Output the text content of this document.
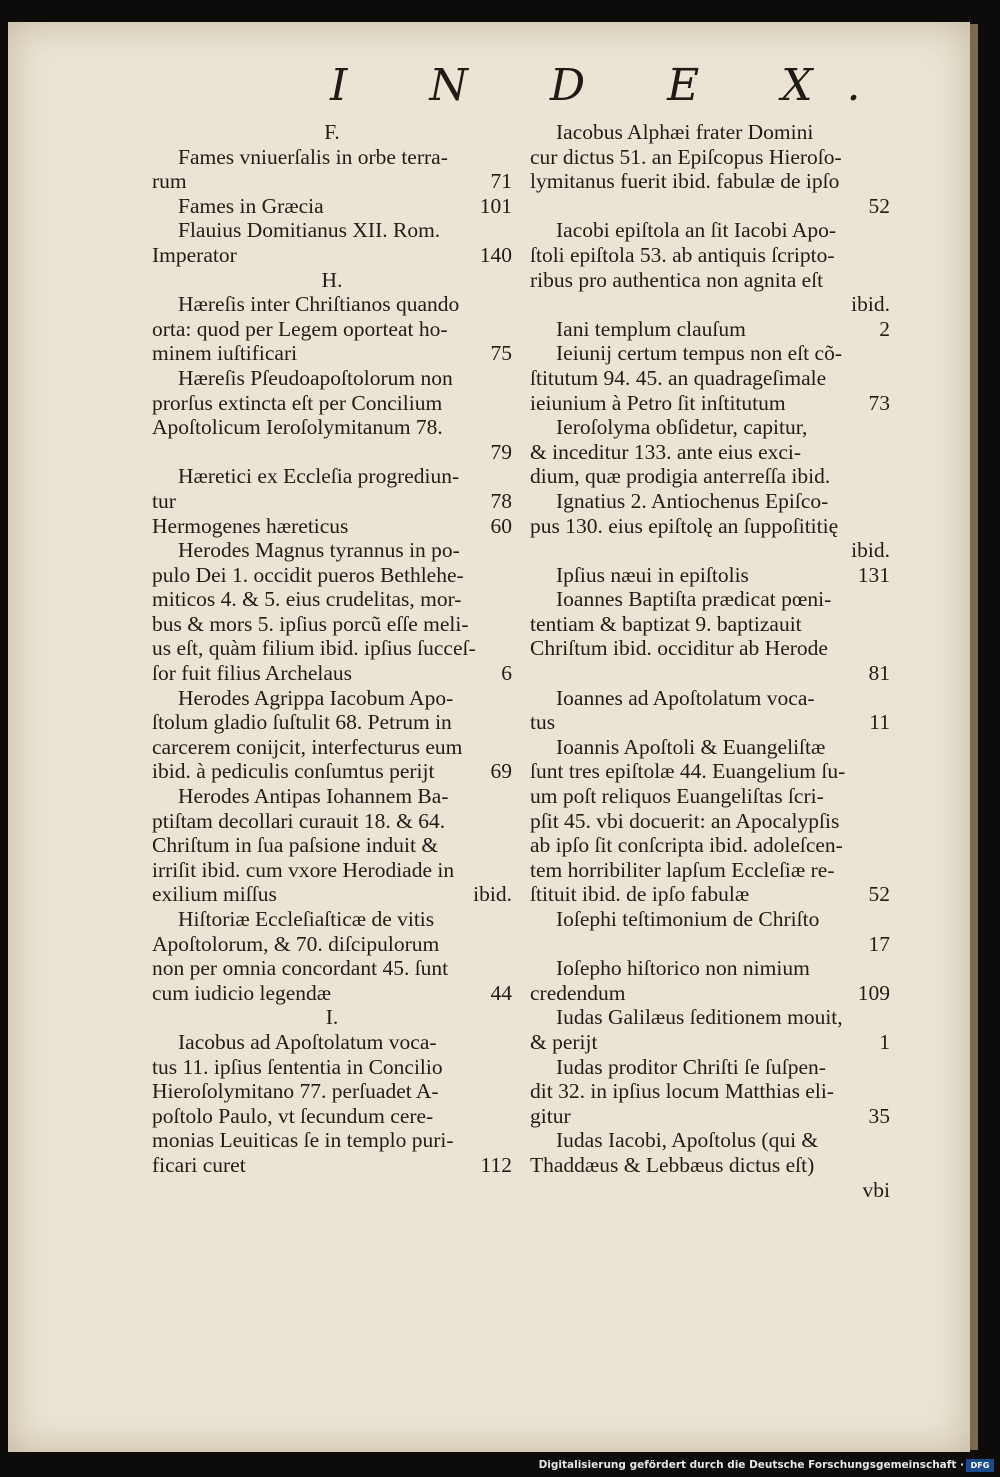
I N D E X.
F.
Fames vniuerſalis in orbe terra-
rum	71
Fames in Græcia	101
Flauius Domitianus XII. Rom.
Imperator	140
H.
Hæreſis inter Chriſtianos quando
orta: quod per Legem oporteat ho-
minem iuſtificari	75
Hæreſis Pſeudoapoſtolorum non
prorſus extincta eſt per Concilium
Apoſtolicum Ieroſolymitanum 78.
79
Hæretici ex Eccleſia progrediun-
tur	78
Hermogenes hæreticus	60
Herodes Magnus tyrannus in po-
pulo Dei 1. occidit pueros Bethlehe-
miticos 4. & 5. eius crudelitas, mor-
bus & mors 5. ipſius porcũ eſſe meli-
us eſt, quàm filium ibid. ipſius ſucceſ-
ſor fuit filius Archelaus	6
Herodes Agrippa Iacobum Apo-
ſtolum gladio ſuſtulit 68. Petrum in
carcerem conijcit, interfecturus eum
ibid. à pediculis conſumtus perijt	69
Herodes Antipas Iohannem Ba-
ptiſtam decollari curauit 18. & 64.
Chriſtum in ſua paſsione induit &
irriſit ibid. cum vxore Herodiade in
exilium miſſus	ibid.
Hiſtoriæ Eccleſiaſticæ de vitis
Apoſtolorum, & 70. diſcipulorum
non per omnia concordant 45. ſunt
cum iudicio legendæ	44
I.
Iacobus ad Apoſtolatum voca-
tus 11. ipſius ſententia in Concilio
Hieroſolymitano 77. perſuadet A-
poſtolo Paulo, vt ſecundum cere-
monias Leuiticas ſe in templo puri-
ficari curet	112
Iacobus Alphæi frater Domini
cur dictus 51. an Epiſcopus Hieroſo-
lymitanus fuerit ibid. fabulæ de ipſo
52
Iacobi epiſtola an ſit Iacobi Apo-
ſtoli epiſtola 53. ab antiquis ſcripto-
ribus pro authentica non agnita eſt
ibid.
Iani templum clauſum	2
Ieiunij certum tempus non eſt cõ-
ſtitutum 94. 45. an quadrageſimale
ieiunium à Petro ſit inſtitutum	73
Ieroſolyma obſidetur, capitur,
& inceditur 133. ante eius exci-
dium, quæ prodigia anteгreſſa ibid.
Ignatius 2. Antiochenus Epiſco-
pus 130. eius epiſtolę an ſuppoſititię
ibid.
Ipſius næui in epiſtolis	131
Ioannes Baptiſta prædicat pœni-
tentiam & baptizat 9. baptizauit
Chriſtum ibid. occiditur ab Herode
81
Ioannes ad Apoſtolatum voca-
tus	11
Ioannis Apoſtoli & Euangeliſtæ
ſunt tres epiſtolæ 44. Euangelium ſu-
um poſt reliquos Euangeliſtas ſcri-
pſit 45. vbi docuerit: an Apocalypſis
ab ipſo ſit conſcripta ibid. adoleſcen-
tem horribiliter lapſum Eccleſiæ re-
ſtituit ibid. de ipſo fabulæ	52
Ioſephi teſtimonium de Chriſto
17
Ioſepho hiſtorico non nimium
credendum	109
Iudas Galilæus ſeditionem mouit,
& perijt	1
Iudas proditor Chriſti ſe ſuſpen-
dit 32. in ipſius locum Matthias eli-
gitur	35
Iudas Iacobi, Apoſtolus (qui &
Thaddæus & Lebbæus dictus eſt)
vbi
Digitalisierung gefördert durch die Deutsche Forschungsgemeinschaft · DFG
